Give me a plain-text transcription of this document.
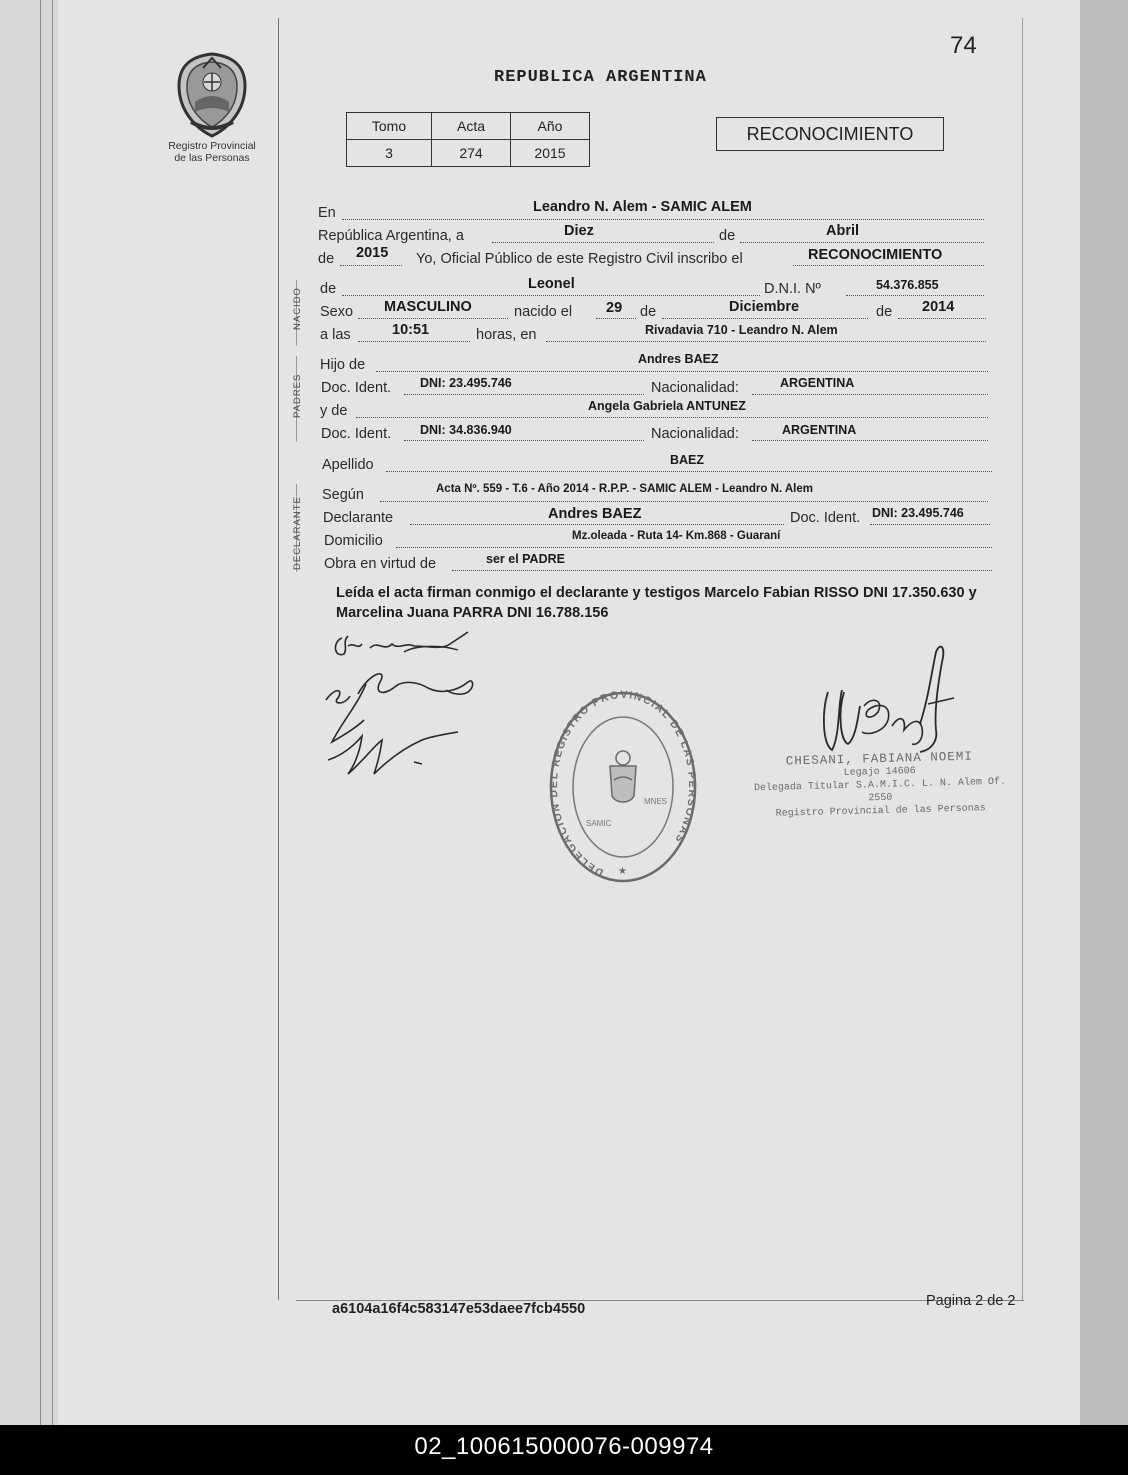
Registro Provincial
de las Personas
74
REPUBLICA ARGENTINA
Tomo	Acta	Año
3	274	2015
RECONOCIMIENTO
NACIDO
PADRES
DECLARANTE
En	Leandro N. Alem - SAMIC ALEM
República Argentina, a	Diez	de	Abril
de 2015 Yo, Oficial Público de este Registro Civil inscribo el	RECONOCIMIENTO
de	Leonel	D.N.I. Nº	54.376.855
Sexo MASCULINO	nacido el 29 de	Diciembre	de 2014
a las	10:51	horas, en	Rivadavia 710 - Leandro N. Alem
Hijo de	Andres BAEZ
Doc. Ident. DNI: 23.495.746	Nacionalidad:	ARGENTINA
y de	Angela Gabriela ANTUNEZ
Doc. Ident. DNI: 34.836.940	Nacionalidad:	ARGENTINA
Apellido	BAEZ
Según	Acta Nº. 559 - T.6 - Año 2014 - R.P.P. - SAMIC ALEM - Leandro N. Alem
Declarante	Andres BAEZ	Doc. Ident. DNI: 23.495.746
Domicilio	Mz.oleada - Ruta 14- Km.868 - Guaraní
Obra en virtud de	ser el PADRE
Leída el acta firman conmigo el declarante y testigos Marcelo Fabian RISSO DNI 17.350.630 y Marcelina Juana PARRA DNI 16.788.156
DELEGACION DEL REGISTRO PROVINCIAL DE LAS PERSONAS
SAMIC
MNES
★
CHESANI, FABIANA NOEMI
Legajo 14606
Delegada Titular S.A.M.I.C. L. N. Alem Of. 2550
Registro Provincial de las Personas
a6104a16f4c583147e53daee7fcb4550	Pagina 2 de 2
02_100615000076-009974
